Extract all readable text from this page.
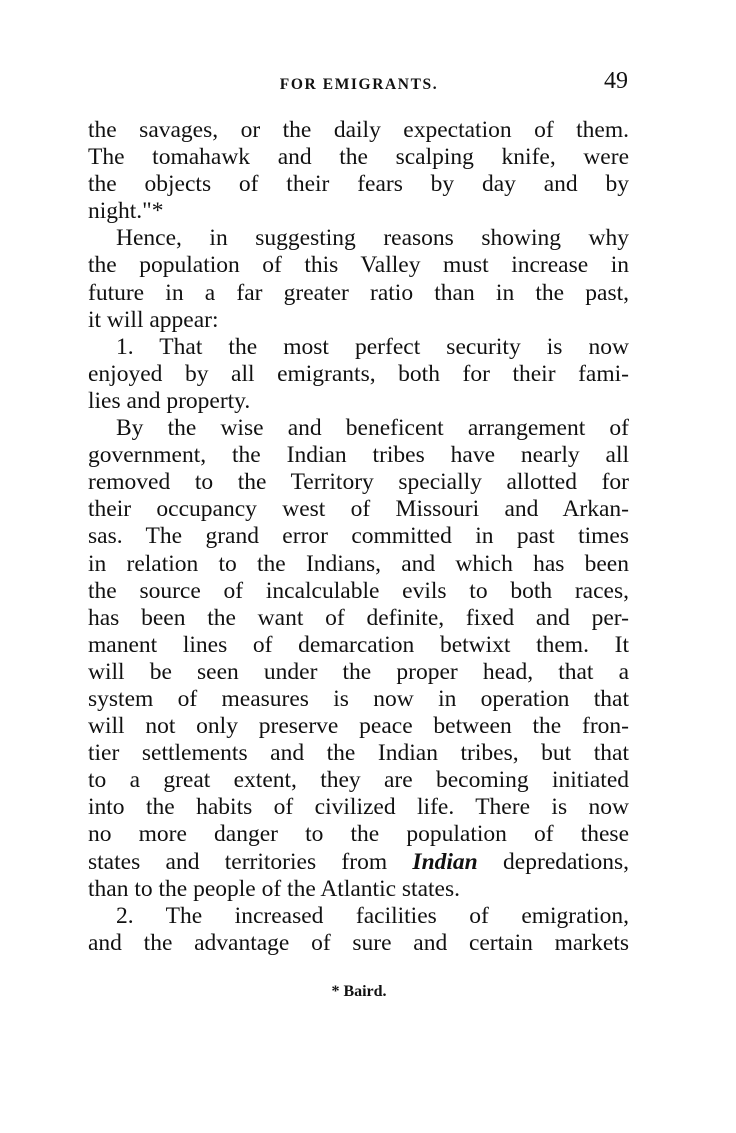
FOR EMIGRANTS.	49
the savages, or the daily expectation of them.
The tomahawk and the scalping knife, were
the objects of their fears by day and by
night."*
Hence, in suggesting reasons showing why
the population of this Valley must increase in
future in a far greater ratio than in the past,
it will appear:
1. That the most perfect security is now
enjoyed by all emigrants, both for their fami-
lies and property.
By the wise and beneficent arrangement of
government, the Indian tribes have nearly all
removed to the Territory specially allotted for
their occupancy west of Missouri and Arkan-
sas. The grand error committed in past times
in relation to the Indians, and which has been
the source of incalculable evils to both races,
has been the want of definite, fixed and per-
manent lines of demarcation betwixt them. It
will be seen under the proper head, that a
system of measures is now in operation that
will not only preserve peace between the fron-
tier settlements and the Indian tribes, but that
to a great extent, they are becoming initiated
into the habits of civilized life. There is now
no more danger to the population of these
states and territories from Indian depredations,
than to the people of the Atlantic states.
2. The increased facilities of emigration,
and the advantage of sure and certain markets
* Baird.
